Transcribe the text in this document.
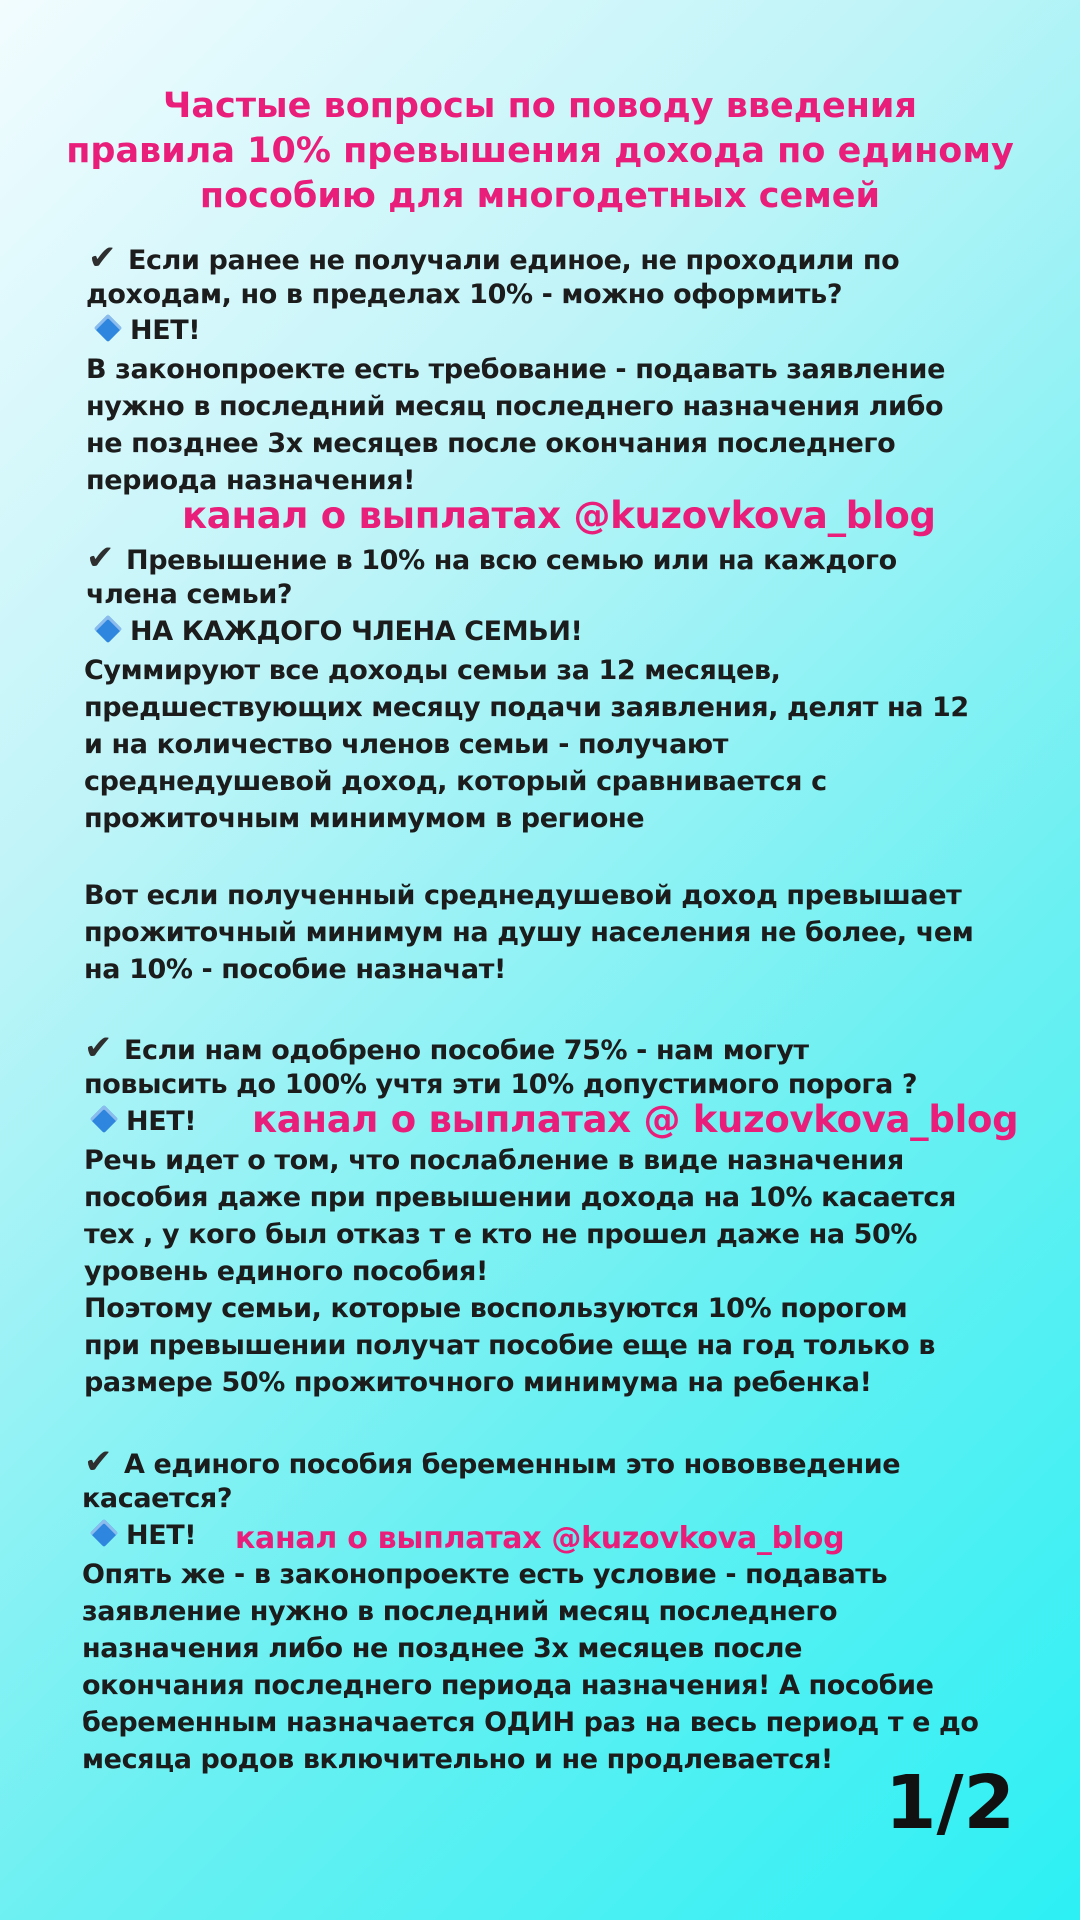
Частые вопросы по поводу введения
правила 10% превышения дохода по единому
пособию для многодетных семей
✔ Если ранее не получали единое, не проходили по
доходам, но в пределах 10% - можно оформить?
НЕТ!
В законопроекте есть требование - подавать заявление
нужно в последний месяц последнего назначения либо
не позднее 3х месяцев после окончания последнего
периода назначения!
канал о выплатах @kuzovkova_blog
✔ Превышение в 10% на всю семью или на каждого
члена семьи?
НА КАЖДОГО ЧЛЕНА СЕМЬИ!
Суммируют все доходы семьи за 12 месяцев,
предшествующих месяцу подачи заявления, делят на 12
и на количество членов семьи - получают
среднедушевой доход, который сравнивается с
прожиточным минимумом в регионе
Вот если полученный среднедушевой доход превышает
прожиточный минимум на душу населения не более, чем
на 10% - пособие назначат!
✔ Если нам одобрено пособие 75% - нам могут
повысить до 100% учтя эти 10% допустимого порога ?
НЕТ! канал о выплатах @ kuzovkova_blog
Речь идет о том, что послабление в виде назначения
пособия даже при превышении дохода на 10% касается
тех , у кого был отказ т е кто не прошел даже на 50%
уровень единого пособия!
Поэтому семьи, которые воспользуются 10% порогом
при превышении получат пособие еще на год только в
размере 50% прожиточного минимума на ребенка!
✔ А единого пособия беременным это нововведение
касается?
НЕТ! канал о выплатах @kuzovkova_blog
Опять же - в законопроекте есть условие - подавать
заявление нужно в последний месяц последнего
назначения либо не позднее 3х месяцев после
окончания последнего периода назначения! А пособие
беременным назначается ОДИН раз на весь период т е до
месяца родов включительно и не продлевается!
1/2
